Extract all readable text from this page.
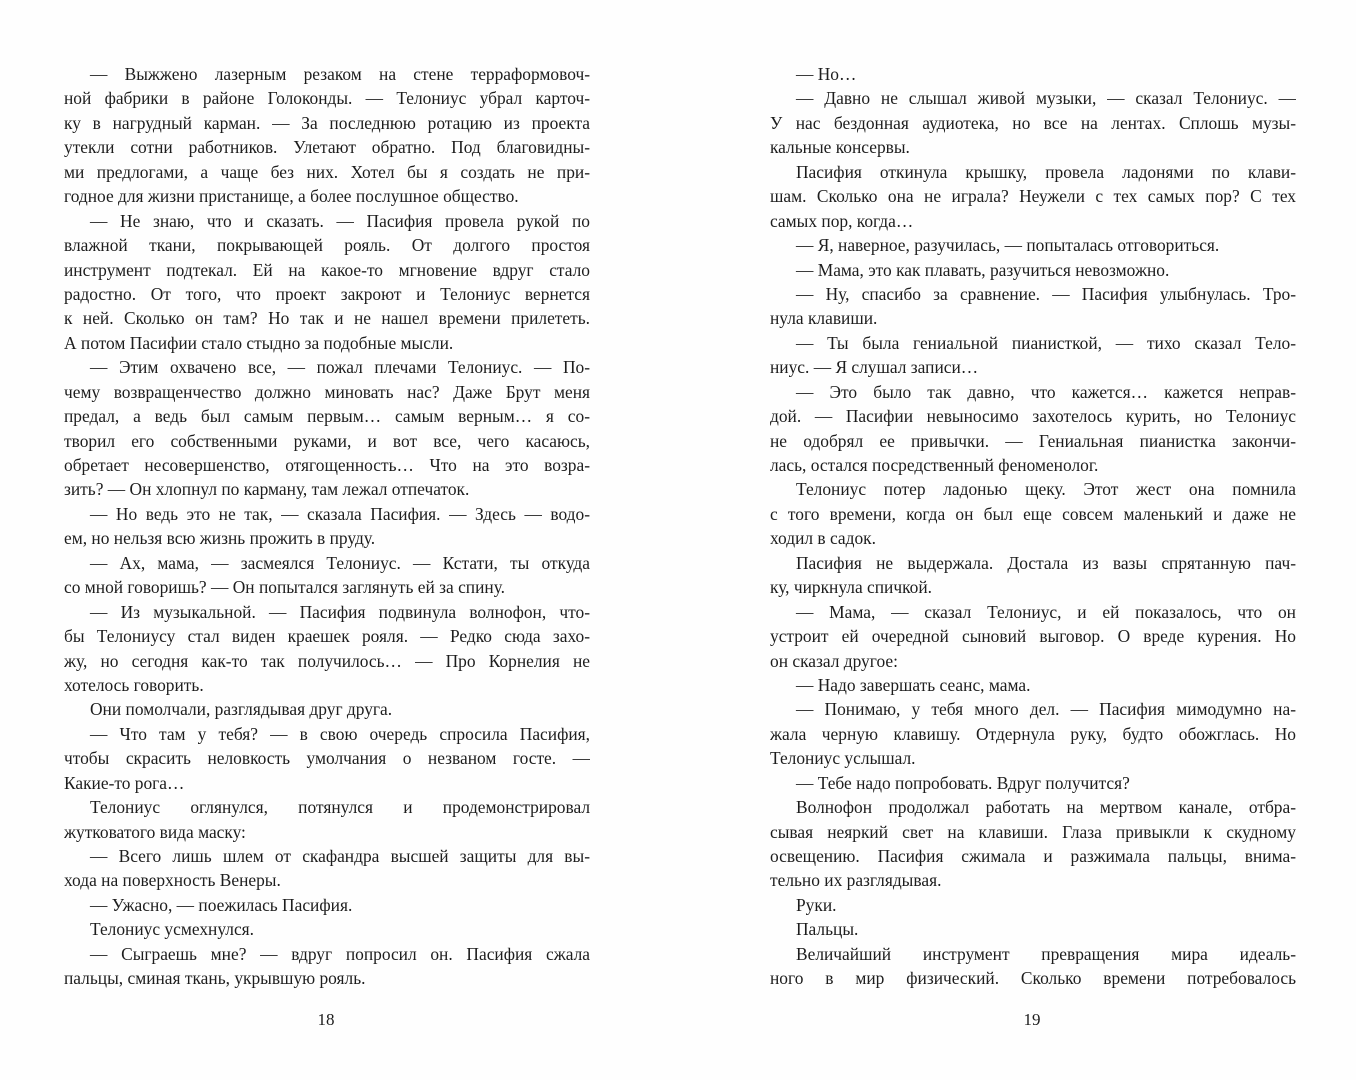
— Выжжено лазерным резаком на стене терраформовоч-
ной фабрики в районе Голоконды. — Телониус убрал карточ-
ку в нагрудный карман. — За последнюю ротацию из проекта
утекли сотни работников. Улетают обратно. Под благовидны-
ми предлогами, а чаще без них. Хотел бы я создать не при-
годное для жизни пристанище, а более послушное общество.
— Не знаю, что и сказать. — Пасифия провела рукой по
влажной ткани, покрывающей рояль. От долгого простоя
инструмент подтекал. Ей на какое-то мгновение вдруг стало
радостно. От того, что проект закроют и Телониус вернется
к ней. Сколько он там? Но так и не нашел времени прилететь.
А потом Пасифии стало стыдно за подобные мысли.
— Этим охвачено все, — пожал плечами Телониус. — По-
чему возвращенчество должно миновать нас? Даже Брут меня
предал, а ведь был самым первым… самым верным… я со-
творил его собственными руками, и вот все, чего касаюсь,
обретает несовершенство, отягощенность… Что на это возра-
зить? — Он хлопнул по карману, там лежал отпечаток.
— Но ведь это не так, — сказала Пасифия. — Здесь — водо-
ем, но нельзя всю жизнь прожить в пруду.
— Ах, мама, — засмеялся Телониус. — Кстати, ты откуда
со мной говоришь? — Он попытался заглянуть ей за спину.
— Из музыкальной. — Пасифия подвинула волнофон, что-
бы Телониусу стал виден краешек рояля. — Редко сюда захо-
жу, но сегодня как-то так получилось… — Про Корнелия не
хотелось говорить.
Они помолчали, разглядывая друг друга.
— Что там у тебя? — в свою очередь спросила Пасифия,
чтобы скрасить неловкость умолчания о незваном госте. —
Какие-то рога…
Телониус оглянулся, потянулся и продемонстрировал
жутковатого вида маску:
— Всего лишь шлем от скафандра высшей защиты для вы-
хода на поверхность Венеры.
— Ужасно, — поежилась Пасифия.
Телониус усмехнулся.
— Сыграешь мне? — вдруг попросил он. Пасифия сжала
пальцы, сминая ткань, укрывшую рояль.
18
— Но…
— Давно не слышал живой музыки, — сказал Телониус. —
У нас бездонная аудиотека, но все на лентах. Сплошь музы-
кальные консервы.
Пасифия откинула крышку, провела ладонями по клави-
шам. Сколько она не играла? Неужели с тех самых пор? С тех
самых пор, когда…
— Я, наверное, разучилась, — попыталась отговориться.
— Мама, это как плавать, разучиться невозможно.
— Ну, спасибо за сравнение. — Пасифия улыбнулась. Тро-
нула клавиши.
— Ты была гениальной пианисткой, — тихо сказал Тело-
ниус. — Я слушал записи…
— Это было так давно, что кажется… кажется неправ-
дой. — Пасифии невыносимо захотелось курить, но Телониус
не одобрял ее привычки. — Гениальная пианистка закончи-
лась, остался посредственный феноменолог.
Телониус потер ладонью щеку. Этот жест она помнила
с того времени, когда он был еще совсем маленький и даже не
ходил в садок.
Пасифия не выдержала. Достала из вазы спрятанную пач-
ку, чиркнула спичкой.
— Мама, — сказал Телониус, и ей показалось, что он
устроит ей очередной сыновий выговор. О вреде курения. Но
он сказал другое:
— Надо завершать сеанс, мама.
— Понимаю, у тебя много дел. — Пасифия мимодумно на-
жала черную клавишу. Отдернула руку, будто обожглась. Но
Телониус услышал.
— Тебе надо попробовать. Вдруг получится?
Волнофон продолжал работать на мертвом канале, отбра-
сывая неяркий свет на клавиши. Глаза привыкли к скудному
освещению. Пасифия сжимала и разжимала пальцы, внима-
тельно их разглядывая.
Руки.
Пальцы.
Величайший инструмент превращения мира идеаль-
ного в мир физический. Сколько времени потребовалось
19
